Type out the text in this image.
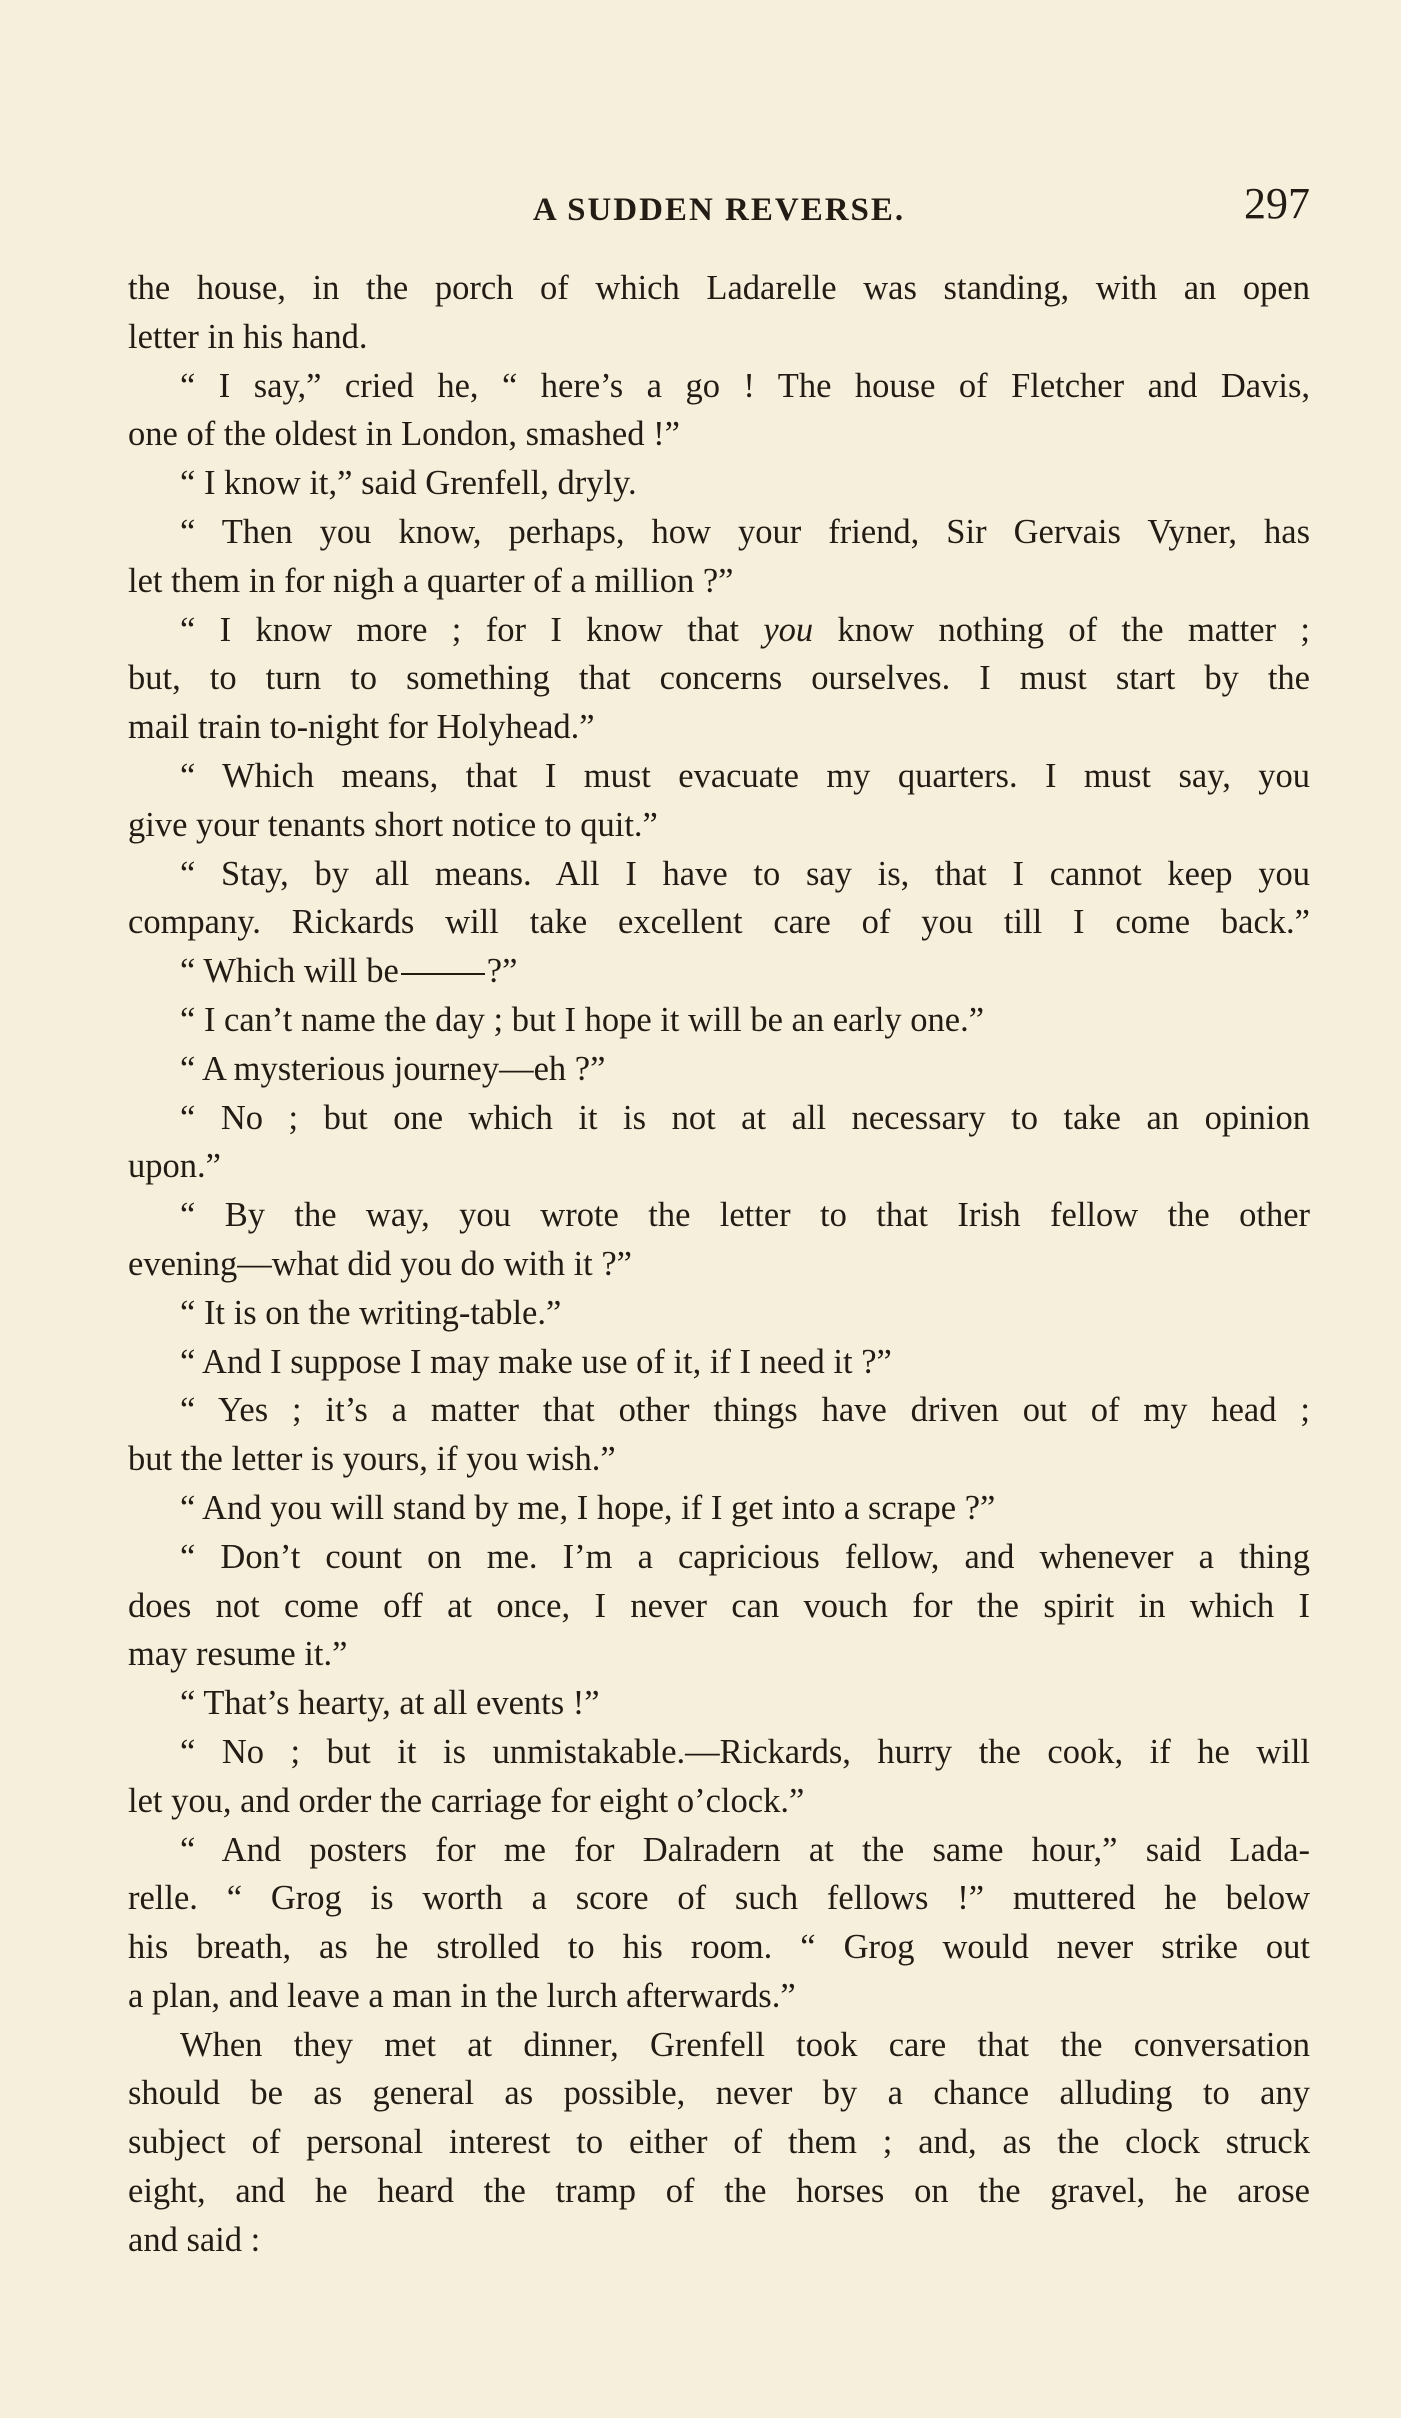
A SUDDEN REVERSE.	297
the house, in the porch of which Ladarelle was standing, with an open
letter in his hand.
“ I say,” cried he, “ here’s a go ! The house of Fletcher and Davis,
one of the oldest in London, smashed !”
“ I know it,” said Grenfell, dryly.
“ Then you know, perhaps, how your friend, Sir Gervais Vyner, has
let them in for nigh a quarter of a million ?”
“ I know more ; for I know that you know nothing of the matter ;
but, to turn to something that concerns ourselves. I must start by the
mail train to-night for Holyhead.”
“ Which means, that I must evacuate my quarters. I must say, you
give your tenants short notice to quit.”
“ Stay, by all means. All I have to say is, that I cannot keep you
company. Rickards will take excellent care of you till I come back.”
“ Which will be	?”
“ I can’t name the day ; but I hope it will be an early one.”
“ A mysterious journey—eh ?”
“ No ; but one which it is not at all necessary to take an opinion
upon.”
“ By the way, you wrote the letter to that Irish fellow the other
evening—what did you do with it ?”
“ It is on the writing-table.”
“ And I suppose I may make use of it, if I need it ?”
“ Yes ; it’s a matter that other things have driven out of my head ;
but the letter is yours, if you wish.”
“ And you will stand by me, I hope, if I get into a scrape ?”
“ Don’t count on me. I’m a capricious fellow, and whenever a thing
does not come off at once, I never can vouch for the spirit in which I
may resume it.”
“ That’s hearty, at all events !”
“ No ; but it is unmistakable.—Rickards, hurry the cook, if he will
let you, and order the carriage for eight o’clock.”
“ And posters for me for Dalradern at the same hour,” said Lada-
relle. “ Grog is worth a score of such fellows !” muttered he below
his breath, as he strolled to his room. “ Grog would never strike out
a plan, and leave a man in the lurch afterwards.”
When they met at dinner, Grenfell took care that the conversation
should be as general as possible, never by a chance alluding to any
subject of personal interest to either of them ; and, as the clock struck
eight, and he heard the tramp of the horses on the gravel, he arose
and said :
